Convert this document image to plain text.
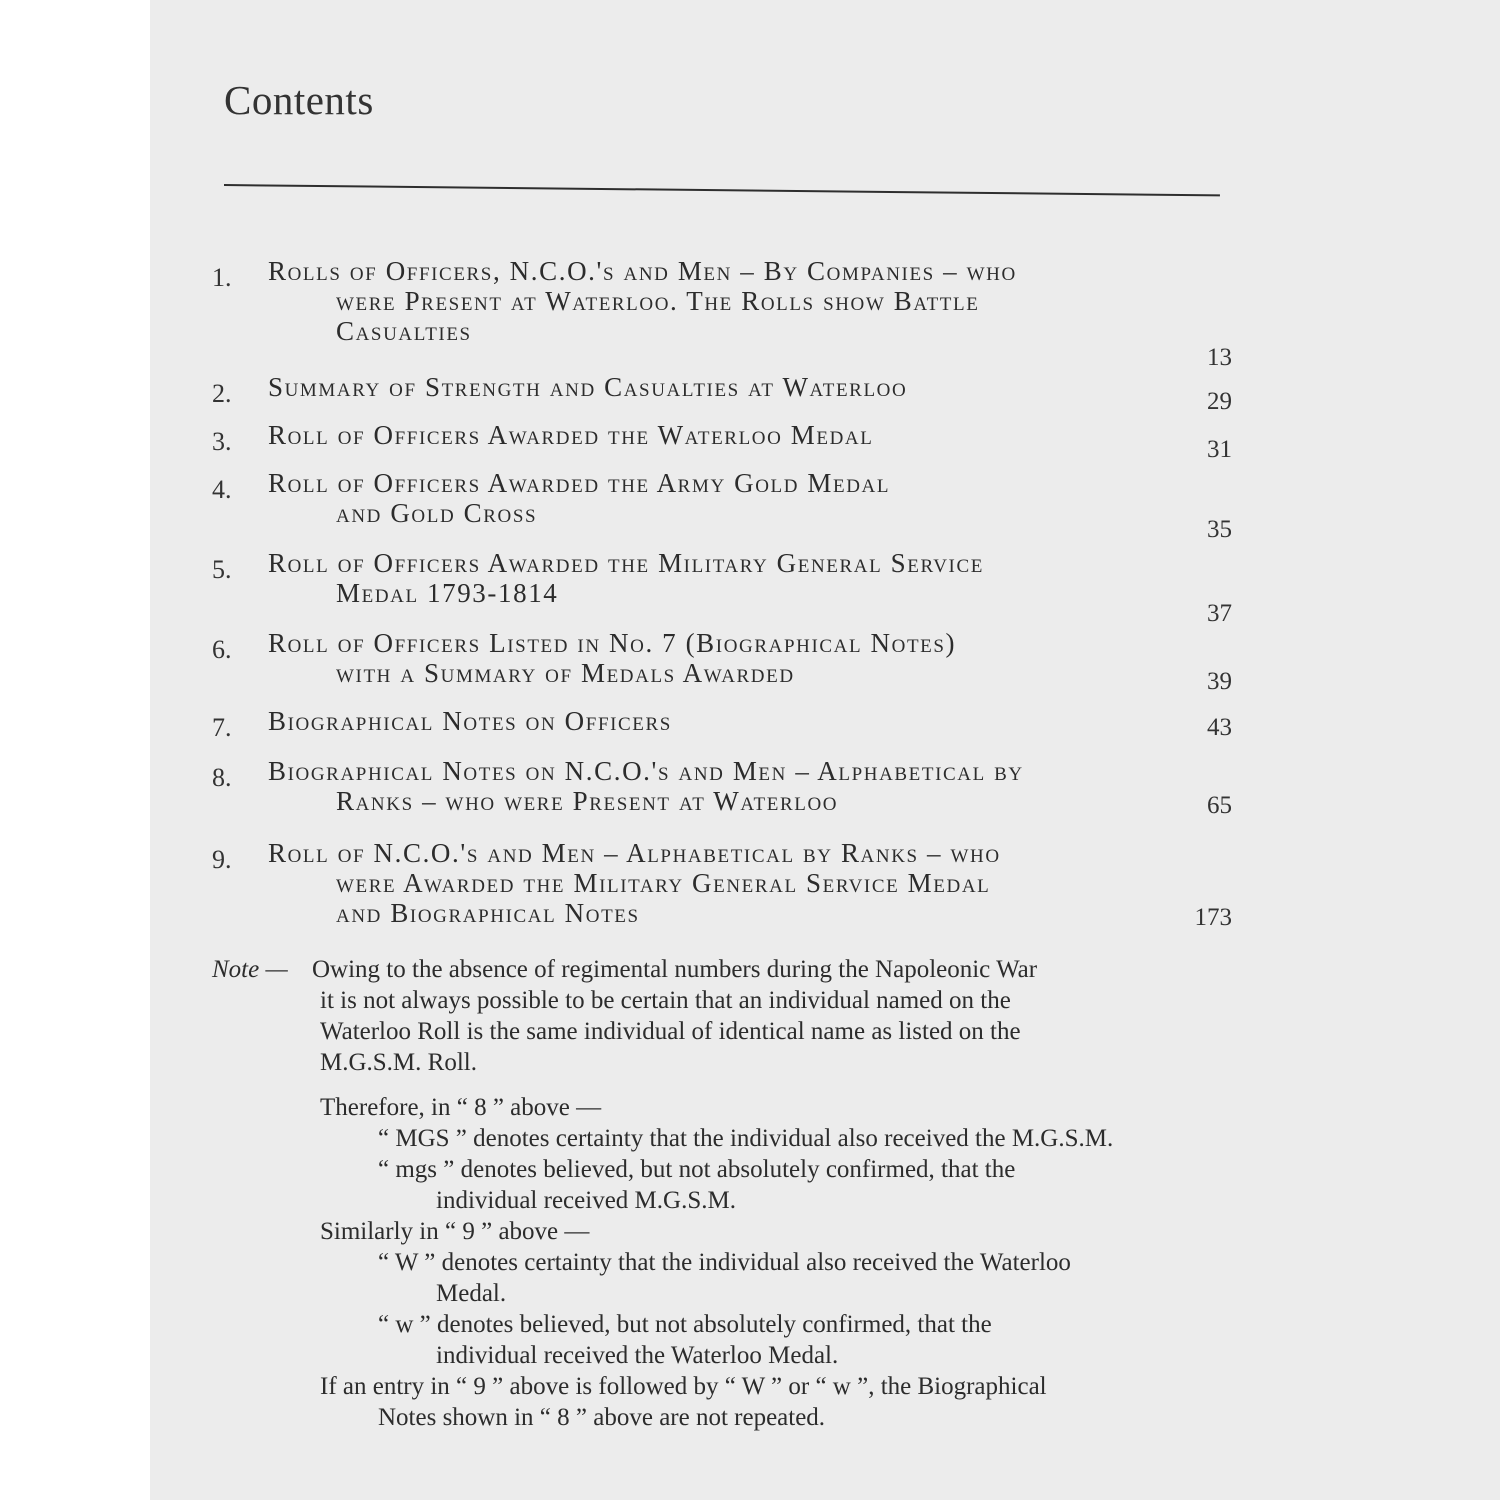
Contents
1.	Rolls of Officers, N.C.O.'s and Men – By Companies – who
were Present at Waterloo. The Rolls show Battle
Casualties
13
2.	Summary of Strength and Casualties at Waterloo	29
3.	Roll of Officers Awarded the Waterloo Medal	31
4.	Roll of Officers Awarded the Army Gold Medal
and Gold Cross
35
5.	Roll of Officers Awarded the Military General Service
Medal 1793-1814
37
6.	Roll of Officers Listed in No. 7 (Biographical Notes)
with a Summary of Medals Awarded	39
7.	Biographical Notes on Officers	43
8.	Biographical Notes on N.C.O.'s and Men – Alphabetical by
Ranks – who were Present at Waterloo	65
9.	Roll of N.C.O.'s and Men – Alphabetical by Ranks – who
were Awarded the Military General Service Medal
and Biographical Notes	173
Note — Owing to the absence of regimental numbers during the Napoleonic War
it is not always possible to be certain that an individual named on the
Waterloo Roll is the same individual of identical name as listed on the
M.G.S.M. Roll.
Therefore, in “ 8 ” above —
“ MGS ” denotes certainty that the individual also received the M.G.S.M.
“ mgs ” denotes believed, but not absolutely confirmed, that the
individual received M.G.S.M.
Similarly in “ 9 ” above —
“ W ” denotes certainty that the individual also received the Waterloo
Medal.
“ w ” denotes believed, but not absolutely confirmed, that the
individual received the Waterloo Medal.
If an entry in “ 9 ” above is followed by “ W ” or “ w ”, the Biographical
Notes shown in “ 8 ” above are not repeated.
